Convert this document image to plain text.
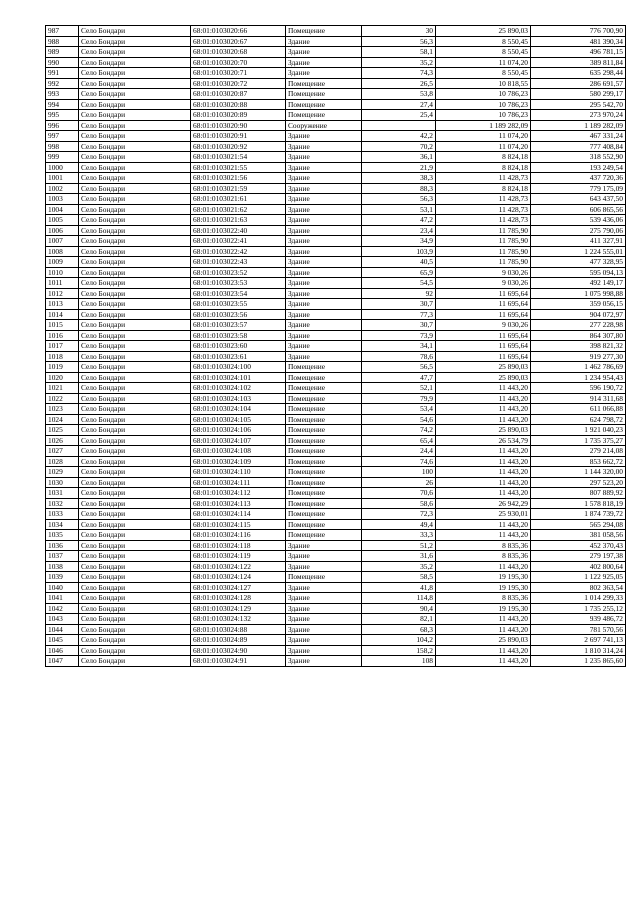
987	Село Бондари	68:01:0103020:66	Помещение	30	25 890,03	776 700,90
988	Село Бондари	68:01:0103020:67	Здание	56,3	8 550,45	481 390,34
989	Село Бондари	68:01:0103020:68	Здание	58,1	8 550,45	496 781,15
990	Село Бондари	68:01:0103020:70	Здание	35,2	11 074,20	389 811,84
991	Село Бондари	68:01:0103020:71	Здание	74,3	8 550,45	635 298,44
992	Село Бондари	68:01:0103020:72	Помещение	26,5	10 818,55	286 691,57
993	Село Бондари	68:01:0103020:87	Помещение	53,8	10 786,23	580 299,17
994	Село Бондари	68:01:0103020:88	Помещение	27,4	10 786,23	295 542,70
995	Село Бондари	68:01:0103020:89	Помещение	25,4	10 786,23	273 970,24
996	Село Бондари	68:01:0103020:90	Сооружение		1 189 282,09	1 189 282,09
997	Село Бондари	68:01:0103020:91	Здание	42,2	11 074,20	467 331,24
998	Село Бондари	68:01:0103020:92	Здание	70,2	11 074,20	777 408,84
999	Село Бондари	68:01:0103021:54	Здание	36,1	8 824,18	318 552,90
1000	Село Бондари	68:01:0103021:55	Здание	21,9	8 824,18	193 249,54
1001	Село Бондари	68:01:0103021:56	Здание	38,3	11 428,73	437 720,36
1002	Село Бондари	68:01:0103021:59	Здание	88,3	8 824,18	779 175,09
1003	Село Бондари	68:01:0103021:61	Здание	56,3	11 428,73	643 437,50
1004	Село Бондари	68:01:0103021:62	Здание	53,1	11 428,73	606 865,56
1005	Село Бондари	68:01:0103021:63	Здание	47,2	11 428,73	539 436,06
1006	Село Бондари	68:01:0103022:40	Здание	23,4	11 785,90	275 790,06
1007	Село Бондари	68:01:0103022:41	Здание	34,9	11 785,90	411 327,91
1008	Село Бондари	68:01:0103022:42	Здание	103,9	11 785,90	1 224 555,01
1009	Село Бондари	68:01:0103022:43	Здание	40,5	11 785,90	477 328,95
1010	Село Бондари	68:01:0103023:52	Здание	65,9	9 030,26	595 094,13
1011	Село Бондари	68:01:0103023:53	Здание	54,5	9 030,26	492 149,17
1012	Село Бондари	68:01:0103023:54	Здание	92	11 695,64	1 075 998,88
1013	Село Бондари	68:01:0103023:55	Здание	30,7	11 695,64	359 056,15
1014	Село Бондари	68:01:0103023:56	Здание	77,3	11 695,64	904 072,97
1015	Село Бондари	68:01:0103023:57	Здание	30,7	9 030,26	277 228,98
1016	Село Бондари	68:01:0103023:58	Здание	73,9	11 695,64	864 307,80
1017	Село Бондари	68:01:0103023:60	Здание	34,1	11 695,64	398 821,32
1018	Село Бондари	68:01:0103023:61	Здание	78,6	11 695,64	919 277,30
1019	Село Бондари	68:01:0103024:100	Помещение	56,5	25 890,03	1 462 786,69
1020	Село Бондари	68:01:0103024:101	Помещение	47,7	25 890,03	1 234 954,43
1021	Село Бондари	68:01:0103024:102	Помещение	52,1	11 443,20	596 190,72
1022	Село Бондари	68:01:0103024:103	Помещение	79,9	11 443,20	914 311,68
1023	Село Бондари	68:01:0103024:104	Помещение	53,4	11 443,20	611 066,88
1024	Село Бондари	68:01:0103024:105	Помещение	54,6	11 443,20	624 798,72
1025	Село Бондари	68:01:0103024:106	Помещение	74,2	25 890,03	1 921 040,23
1026	Село Бондари	68:01:0103024:107	Помещение	65,4	26 534,79	1 735 375,27
1027	Село Бондари	68:01:0103024:108	Помещение	24,4	11 443,20	279 214,08
1028	Село Бондари	68:01:0103024:109	Помещение	74,6	11 443,20	853 662,72
1029	Село Бондари	68:01:0103024:110	Помещение	100	11 443,20	1 144 320,00
1030	Село Бондари	68:01:0103024:111	Помещение	26	11 443,20	297 523,20
1031	Село Бондари	68:01:0103024:112	Помещение	70,6	11 443,20	807 889,92
1032	Село Бондари	68:01:0103024:113	Помещение	58,6	26 942,29	1 578 818,19
1033	Село Бондари	68:01:0103024:114	Помещение	72,3	25 930,01	1 874 739,72
1034	Село Бондари	68:01:0103024:115	Помещение	49,4	11 443,20	565 294,08
1035	Село Бондари	68:01:0103024:116	Помещение	33,3	11 443,20	381 058,56
1036	Село Бондари	68:01:0103024:118	Здание	51,2	8 835,36	452 370,43
1037	Село Бондари	68:01:0103024:119	Здание	31,6	8 835,36	279 197,38
1038	Село Бондари	68:01:0103024:122	Здание	35,2	11 443,20	402 800,64
1039	Село Бондари	68:01:0103024:124	Помещение	58,5	19 195,30	1 122 925,05
1040	Село Бондари	68:01:0103024:127	Здание	41,8	19 195,30	802 363,54
1041	Село Бондари	68:01:0103024:128	Здание	114,8	8 835,36	1 014 299,33
1042	Село Бондари	68:01:0103024:129	Здание	90,4	19 195,30	1 735 255,12
1043	Село Бондари	68:01:0103024:132	Здание	82,1	11 443,20	939 486,72
1044	Село Бондари	68:01:0103024:88	Здание	68,3	11 443,20	781 570,56
1045	Село Бондари	68:01:0103024:89	Здание	104,2	25 890,03	2 697 741,13
1046	Село Бондари	68:01:0103024:90	Здание	158,2	11 443,20	1 810 314,24
1047	Село Бондари	68:01:0103024:91	Здание	108	11 443,20	1 235 865,60
